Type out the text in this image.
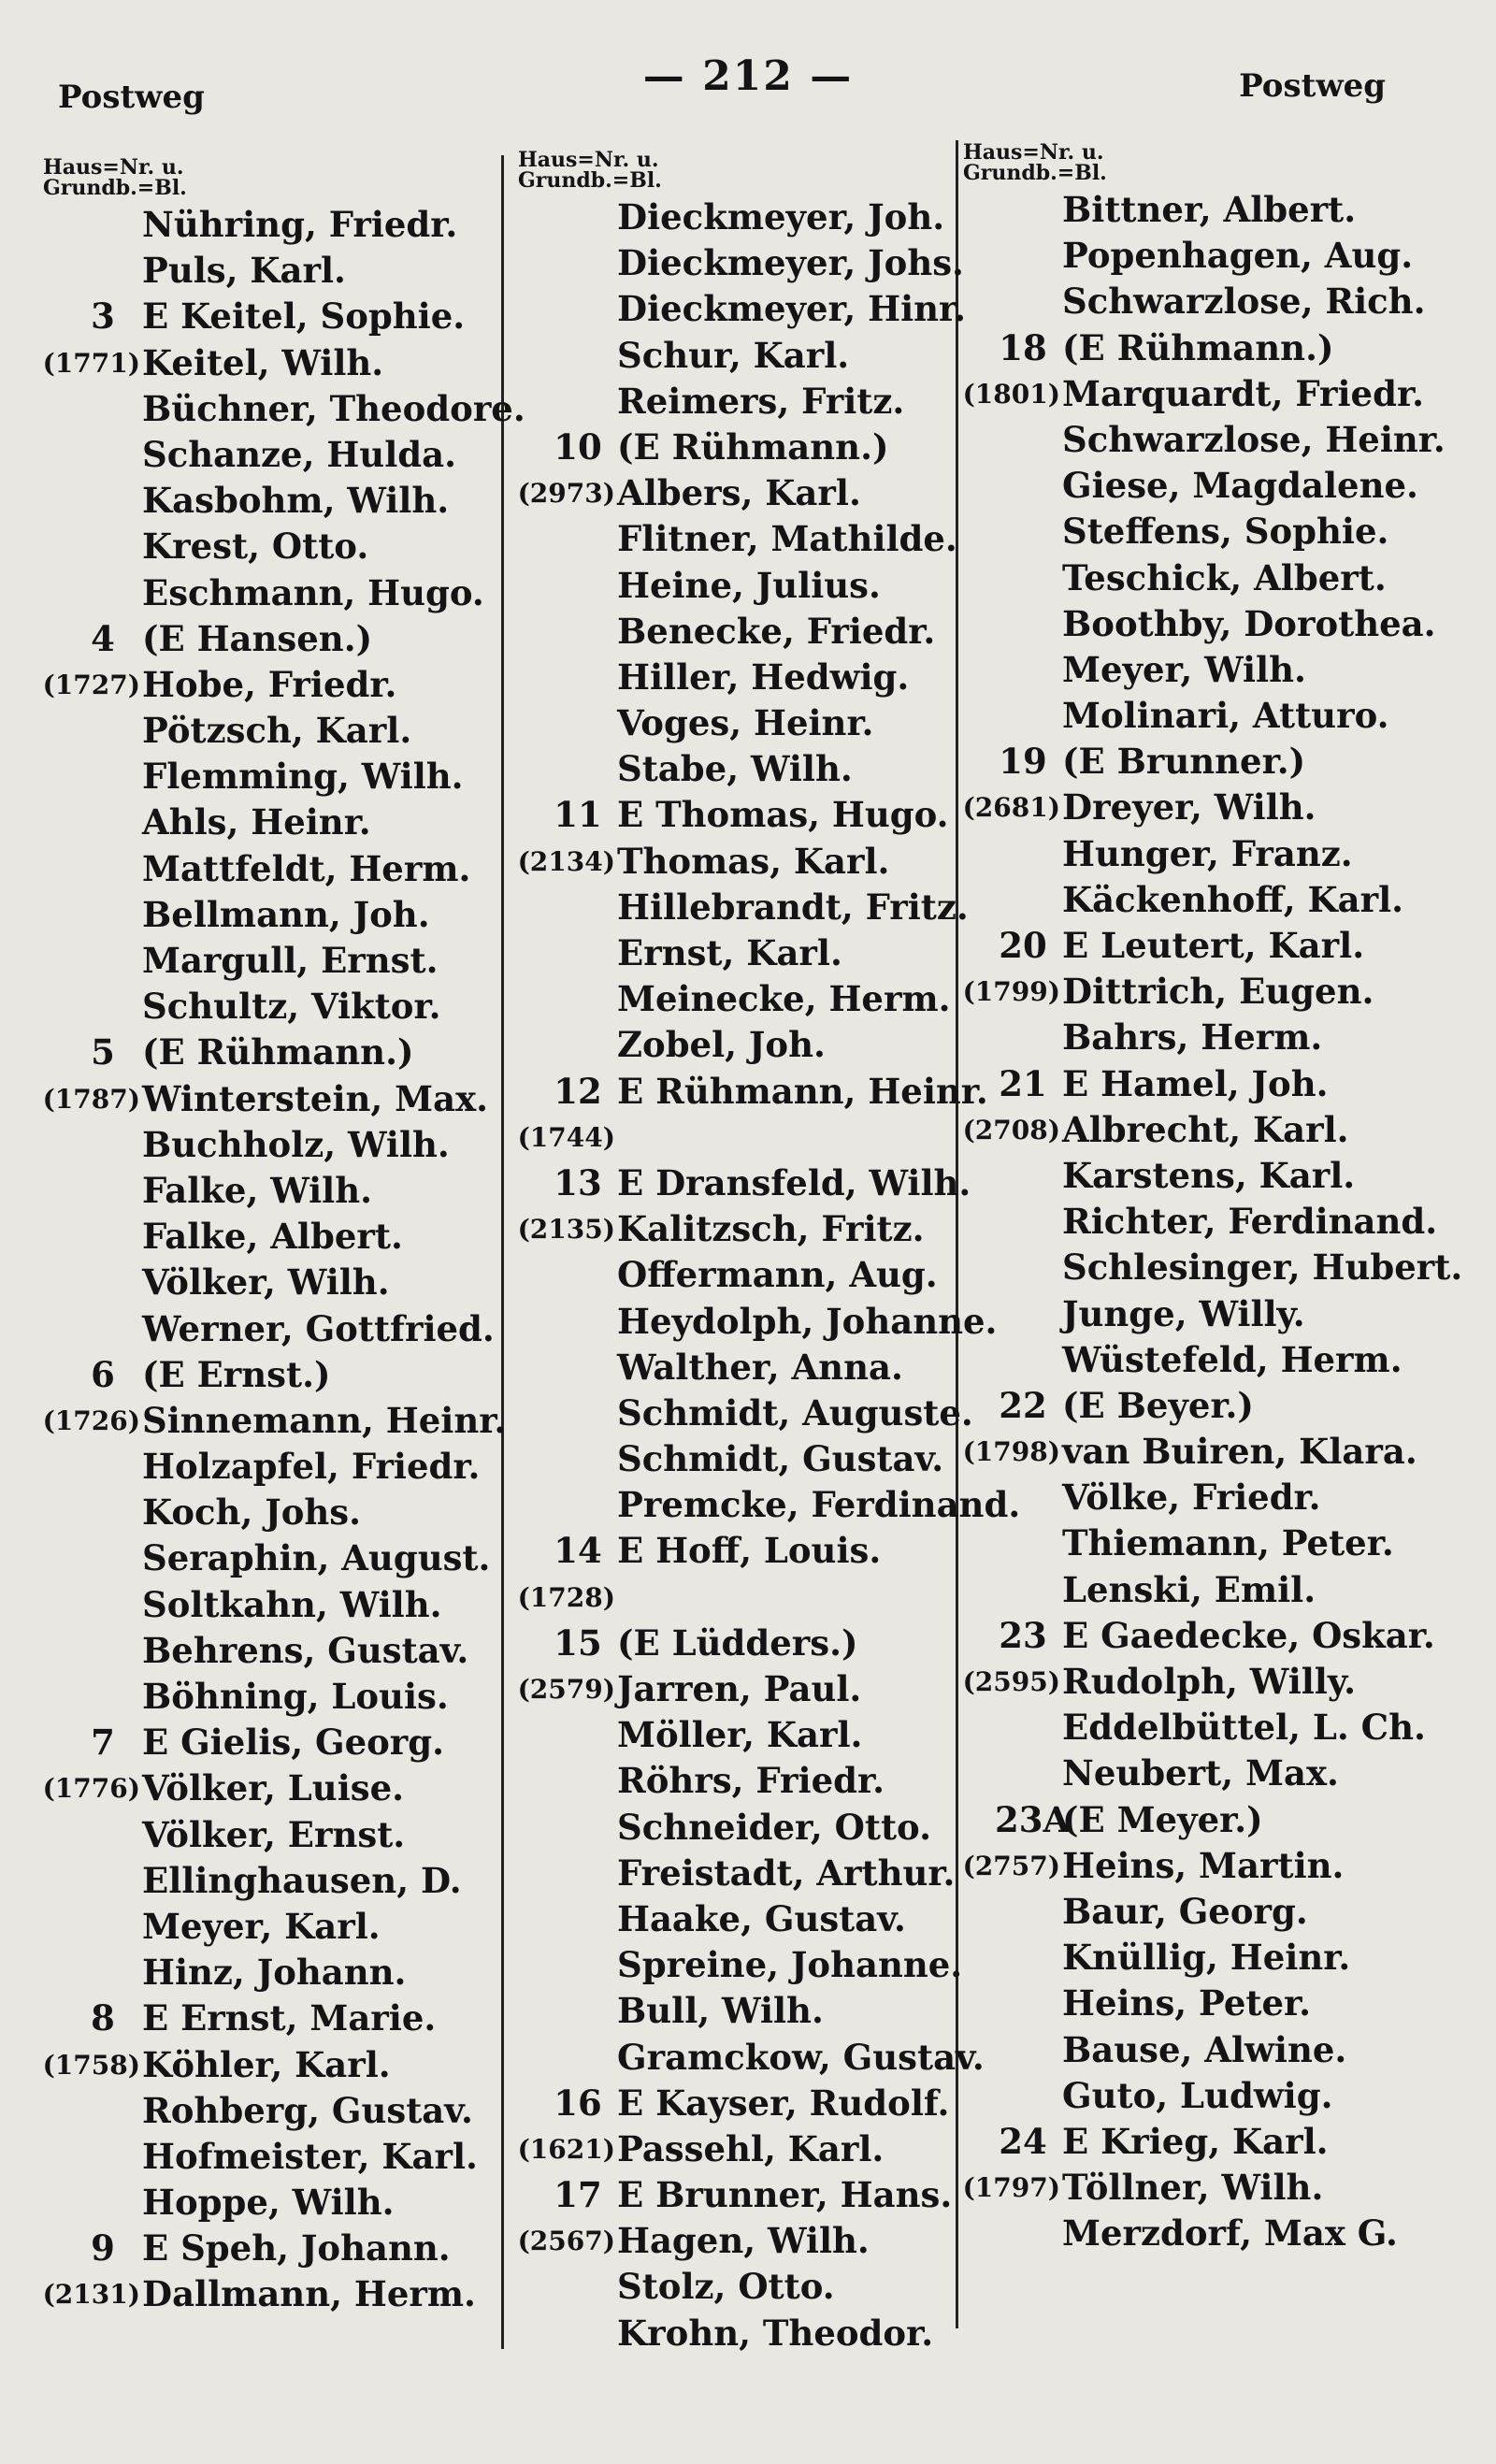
Postweg	— 212 —	Postweg
Haus=Nr. u.
Grundb.=Bl.
Nühring, Friedr.
Puls, Karl.
3 E Keitel, Sophie.
(1771) Keitel, Wilh.
Büchner, Theodore.
Schanze, Hulda.
Kasbohm, Wilh.
Krest, Otto.
Eschmann, Hugo.
4 (E Hansen.)
(1727) Hobe, Friedr.
Pötzsch, Karl.
Flemming, Wilh.
Ahls, Heinr.
Mattfeldt, Herm.
Bellmann, Joh.
Margull, Ernst.
Schultz, Viktor.
5 (E Rühmann.)
(1787) Winterstein, Max.
Buchholz, Wilh.
Falke, Wilh.
Falke, Albert.
Völker, Wilh.
Werner, Gottfried.
6 (E Ernst.)
(1726) Sinnemann, Heinr.
Holzapfel, Friedr.
Koch, Johs.
Seraphin, August.
Soltkahn, Wilh.
Behrens, Gustav.
Böhning, Louis.
7 E Gielis, Georg.
(1776) Völker, Luise.
Völker, Ernst.
Ellinghausen, D.
Meyer, Karl.
Hinz, Johann.
8 E Ernst, Marie.
(1758) Köhler, Karl.
Rohberg, Gustav.
Hofmeister, Karl.
Hoppe, Wilh.
9 E Speh, Johann.
(2131) Dallmann, Herm.
Haus=Nr. u.
Grundb.=Bl.
Dieckmeyer, Joh.
Dieckmeyer, Johs.
Dieckmeyer, Hinr.
Schur, Karl.
Reimers, Fritz.
10 (E Rühmann.)
(2973) Albers, Karl.
Flitner, Mathilde.
Heine, Julius.
Benecke, Friedr.
Hiller, Hedwig.
Voges, Heinr.
Stabe, Wilh.
11 E Thomas, Hugo.
(2134) Thomas, Karl.
Hillebrandt, Fritz.
Ernst, Karl.
Meinecke, Herm.
Zobel, Joh.
12 E Rühmann, Heinr.
(1744)
13 E Dransfeld, Wilh.
(2135) Kalitzsch, Fritz.
Offermann, Aug.
Heydolph, Johanne.
Walther, Anna.
Schmidt, Auguste.
Schmidt, Gustav.
Premcke, Ferdinand.
14 E Hoff, Louis.
(1728)
15 (E Lüdders.)
(2579) Jarren, Paul.
Möller, Karl.
Röhrs, Friedr.
Schneider, Otto.
Freistadt, Arthur.
Haake, Gustav.
Spreine, Johanne.
Bull, Wilh.
Gramckow, Gustav.
16 E Kayser, Rudolf.
(1621) Passehl, Karl.
17 E Brunner, Hans.
(2567) Hagen, Wilh.
Stolz, Otto.
Krohn, Theodor.
Haus=Nr. u.
Grundb.=Bl.
Bittner, Albert.
Popenhagen, Aug.
Schwarzlose, Rich.
18 (E Rühmann.)
(1801) Marquardt, Friedr.
Schwarzlose, Heinr.
Giese, Magdalene.
Steffens, Sophie.
Teschick, Albert.
Boothby, Dorothea.
Meyer, Wilh.
Molinari, Atturo.
19 (E Brunner.)
(2681) Dreyer, Wilh.
Hunger, Franz.
Käckenhoff, Karl.
20 E Leutert, Karl.
(1799) Dittrich, Eugen.
Bahrs, Herm.
21 E Hamel, Joh.
(2708) Albrecht, Karl.
Karstens, Karl.
Richter, Ferdinand.
Schlesinger, Hubert.
Junge, Willy.
Wüstefeld, Herm.
22 (E Beyer.)
(1798) van Buiren, Klara.
Völke, Friedr.
Thiemann, Peter.
Lenski, Emil.
23 E Gaedecke, Oskar.
(2595) Rudolph, Willy.
Eddelbüttel, L. Ch.
Neubert, Max.
23A
(E Meyer.)
(2757) Heins, Martin.
Baur, Georg.
Knüllig, Heinr.
Heins, Peter.
Bause, Alwine.
Guto, Ludwig.
24 E Krieg, Karl.
(1797) Töllner, Wilh.
Merzdorf, Max G.
